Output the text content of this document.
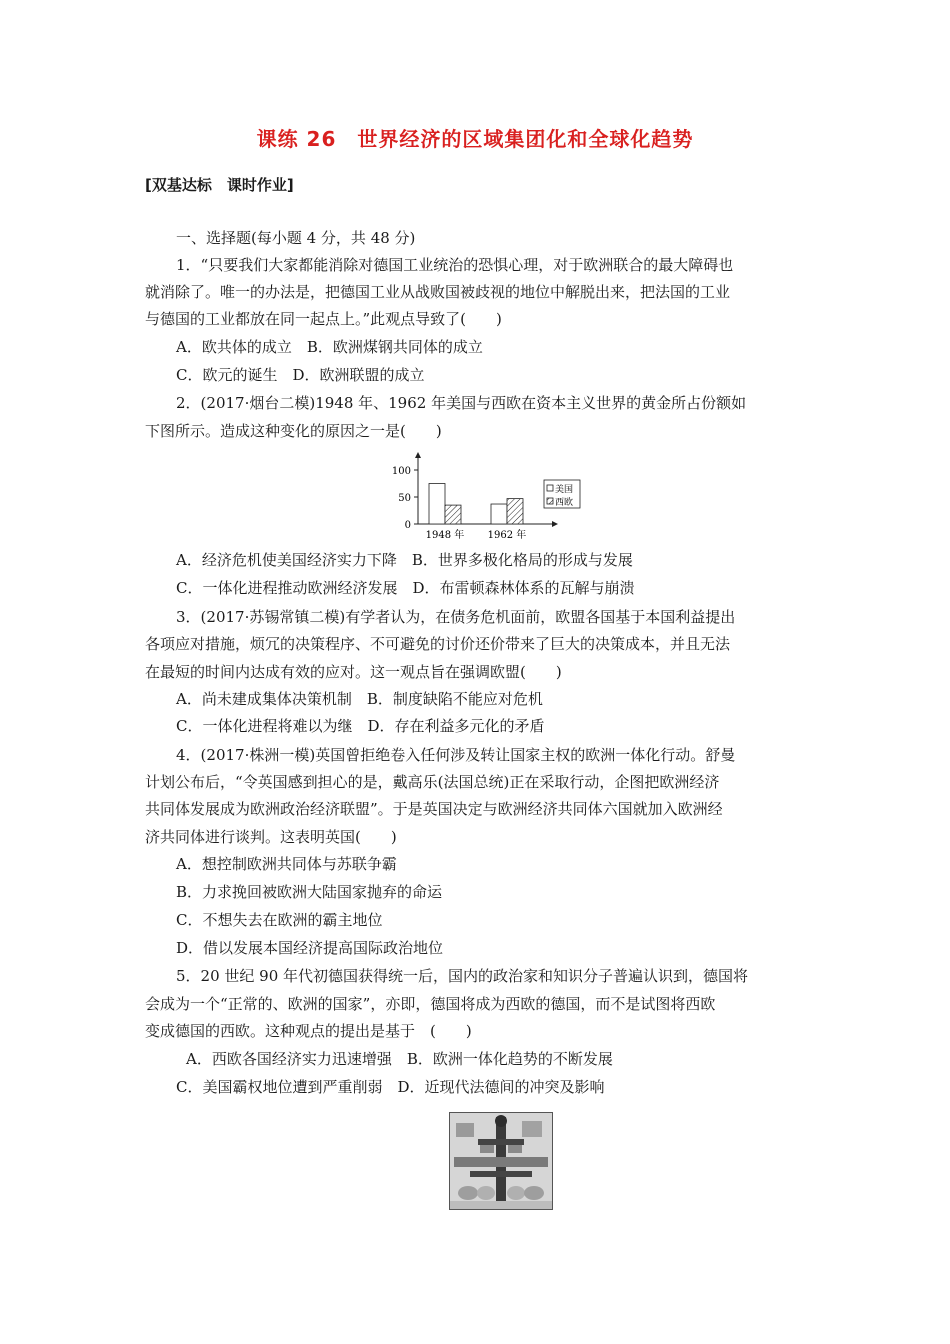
课练 26　世界经济的区域集团化和全球化趋势
[双基达标　课时作业]
一、选择题(每小题 4 分，共 48 分)
1．“只要我们大家都能消除对德国工业统治的恐惧心理，对于欧洲联合的最大障碍也
就消除了。唯一的办法是，把德国工业从战败国被歧视的地位中解脱出来，把法国的工业
与德国的工业都放在同一起点上。”此观点导致了(　　)
A．欧共体的成立　B．欧洲煤钢共同体的成立
C．欧元的诞生　D．欧洲联盟的成立
2．(2017·烟台二模)1948 年、1962 年美国与西欧在资本主义世界的黄金所占份额如
下图所示。造成这种变化的原因之一是(　　)
0
50
100
1948 年 1962 年
美国
西欧
A．经济危机使美国经济实力下降　B．世界多极化格局的形成与发展
C．一体化进程推动欧洲经济发展　D．布雷顿森林体系的瓦解与崩溃
3．(2017·苏锡常镇二模)有学者认为，在债务危机面前，欧盟各国基于本国利益提出
各项应对措施，烦冗的决策程序、不可避免的讨价还价带来了巨大的决策成本，并且无法
在最短的时间内达成有效的应对。这一观点旨在强调欧盟(　　)
A．尚未建成集体决策机制　B．制度缺陷不能应对危机
C．一体化进程将难以为继　D．存在利益多元化的矛盾
4．(2017·株洲一模)英国曾拒绝卷入任何涉及转让国家主权的欧洲一体化行动。舒曼
计划公布后，“令英国感到担心的是，戴高乐(法国总统)正在采取行动，企图把欧洲经济
共同体发展成为欧洲政治经济联盟”。于是英国决定与欧洲经济共同体六国就加入欧洲经
济共同体进行谈判。这表明英国(　　)
A．想控制欧洲共同体与苏联争霸
B．力求挽回被欧洲大陆国家抛弃的命运
C．不想失去在欧洲的霸主地位
D．借以发展本国经济提高国际政治地位
5．20 世纪 90 年代初德国获得统一后，国内的政治家和知识分子普遍认识到，德国将
会成为一个“正常的、欧洲的国家”，亦即，德国将成为西欧的德国，而不是试图将西欧
变成德国的西欧。这种观点的提出是基于　(　　)
A．西欧各国经济实力迅速增强　B．欧洲一体化趋势的不断发展
C．美国霸权地位遭到严重削弱　D．近现代法德间的冲突及影响
